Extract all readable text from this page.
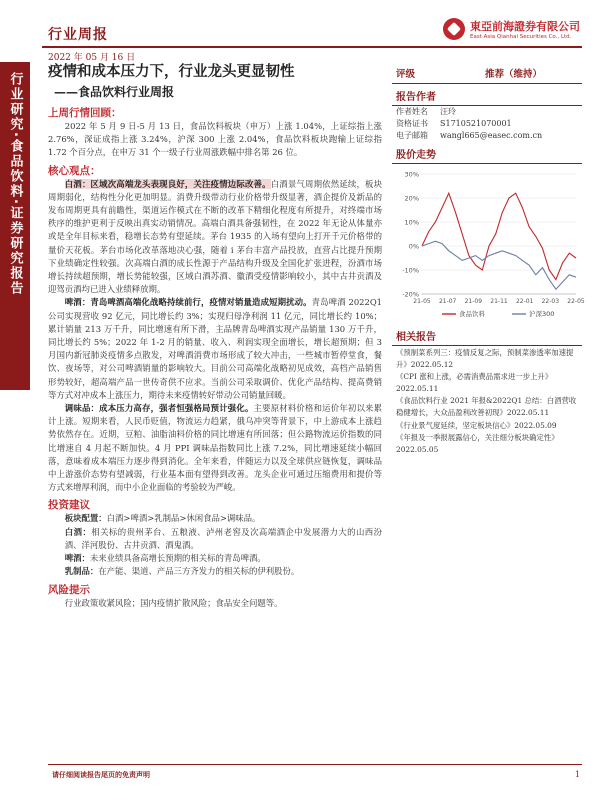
行业周报
東亞前海證券有限公司
East Asia Qianhai Securities Co., Ltd.
2022 年 05 月 16 日
行业研究·食品饮料·证券研究报告
疫情和成本压力下，行业龙头更显韧性
——食品饮料行业周报
上周行情回顾：
2022 年 5 月 9 日-5 月 13 日，食品饮料板块（申万）上涨 1.04%，上证综指上涨 2.76%，深证成指上涨 3.24%，沪深 300 上涨 2.04%，食品饮料板块跑输上证综指 1.72 个百分点，在申万 31 个一级子行业周涨跌幅中排名第 26 位。
核心观点：
白酒：区域次高端龙头表现良好，关注疫情边际改善。白酒景气周期依然延续，板块周期弱化，结构性分化更加明显。消费升级带动行业价格带升级显著，酒企提价及新品的发布周期更具有前瞻性，渠道运作模式在不断的改革下精细化程度有所提升，对终端市场秩序的维护更利于反映出真实动销情况。高端白酒具备强韧性，在 2022 年无论从体量亦或是全年目标来看，稳增长态势有望延续。茅台 1935 的入场有望向上打开千元价格带的量价天花板。茅台市场化改革落地决心强，随着 i 茅台丰富产品投放，直营占比提升预期下业绩确定性较强。次高端白酒的成长性源于产品结构升级及全国化扩张进程，汾酒市场增长持续超预期，增长势能较强，区域白酒苏酒、徽酒受疫情影响较小，其中古井贡酒及迎驾贡酒均已进入业绩释放期。
啤酒：青岛啤酒高端化战略持续前行，疫情对销量造成短期扰动。青岛啤酒 2022Q1 公司实现营收 92 亿元，同比增长约 3%；实现归母净利润 11 亿元，同比增长约 10%；累计销量 213 万千升，同比增速有所下滑，主品牌青岛啤酒实现产品销量 130 万千升，同比增长约 5%；2022 年 1-2 月的销量、收入、利润实现全面增长，增长超预期；但 3 月国内新冠肺炎疫情多点散发，对啤酒消费市场形成了较大冲击，一些城市暂停堂食，餐饮、夜场等，对公司啤酒销量的影响较大。目前公司高端化战略初见成效，高档产品销售形势较好，超高端产品一世传奇供不应求。当前公司采取调价、优化产品结构、提高费销等方式对冲成本上涨压力，期待未来疫情转好带动公司销量回暖。
调味品：成本压力高存，强者恒强格局预计强化。主要原材料价格和运价年初以来累计上涨。短期来看，人民币贬值，物流运力趋紧，俄乌冲突等背景下，中上游成本上涨趋势依然存在。近期，豆粕、油脂油料价格的同比增速有所回落；但公路物流运价指数的同比增速自 4 月起不断加快。4 月 PPI 调味品指数同比上涨 7.2%，同比增速延续小幅回落，意味着成本端压力逐步得到消化。全年来看，伴随运力以及全球供应链恢复，调味品中上游涨价态势有望减弱，行业基本面有望得到改善。龙头企业可通过压缩费用和提价等方式来增厚利润，而中小企业面临的考验较为严峻。
投资建议
板块配置：白酒>啤酒>乳制品>休闲食品>调味品。
白酒：相关标的贵州茅台、五粮液、泸州老窖及次高端酒企中发展潜力大的山西汾酒、洋河股份、古井贡酒、酒鬼酒。
啤酒：未来业绩具备高增长预期的相关标的青岛啤酒。
乳制品：在产能、渠道、产品三方齐发力的相关标的伊利股份。
风险提示
行业政策收紧风险；国内疫情扩散风险；食品安全问题等。
评级	推荐（维持）
报告作者
作者姓名	汪玲
资格证书	S1710521070001
电子邮箱	wangl665@easec.com.cn
股价走势
30%
20%
10%
0%
-10%
-20%
21-05 21-07 21-09 21-11 22-01 22-03 22-05
食品饮料	沪深300
相关报告
《预制菜系列三：疫情反复之际，预制菜渗透率加速提升》2022.05.12
《CPI 涨和上涨，必需消费品需求进一步上升》2022.05.11
《食品饮料行业 2021 年报&2022Q1 总结：白酒营收稳健增长，大众品盈利改善初现》2022.05.11
《行业景气度延续，坚定板块信心》2022.05.09
《年报及一季报展露信心，关注细分板块确定性》2022.05.05
请仔细阅读报告尾页的免责声明	1
